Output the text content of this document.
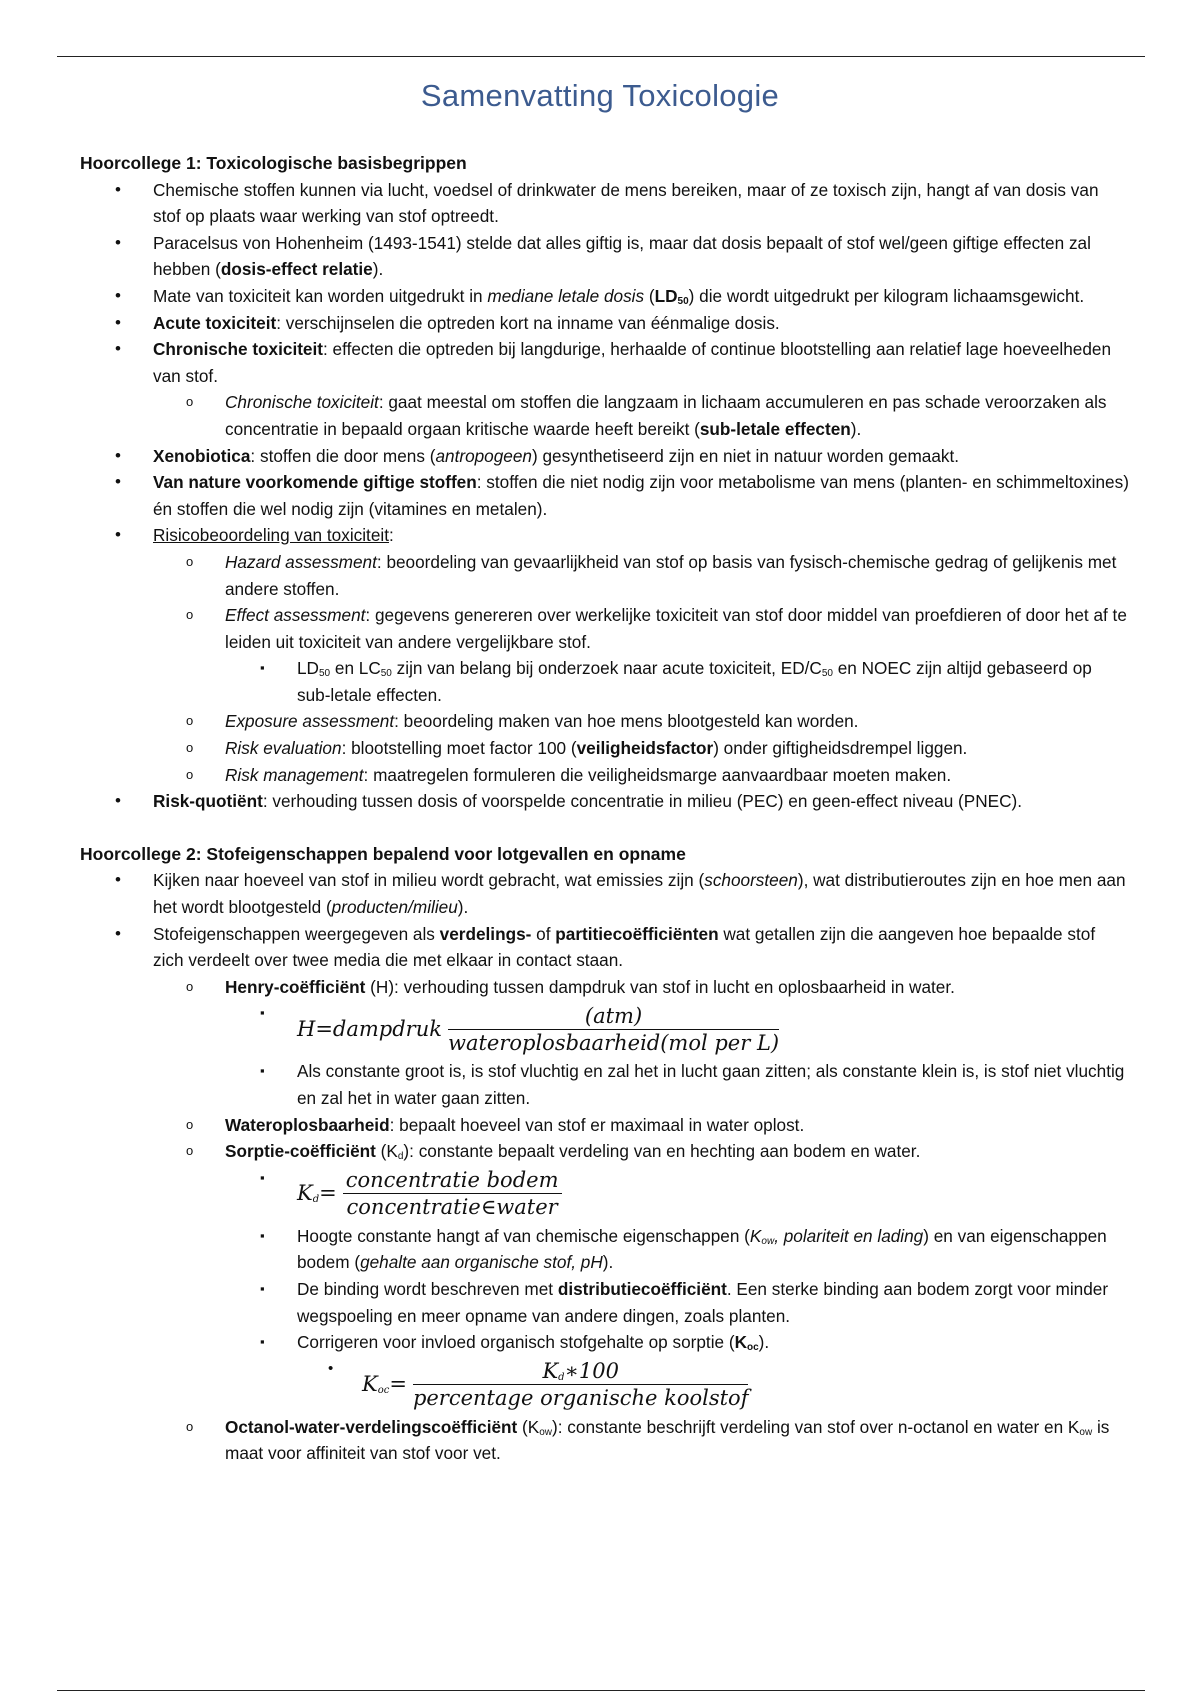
Samenvatting Toxicologie
Hoorcollege 1: Toxicologische basisbegrippen
• Chemische stoffen kunnen via lucht, voedsel of drinkwater de mens bereiken, maar of ze toxisch zijn, hangt af van dosis van stof op plaats waar werking van stof optreedt.
• Paracelsus von Hohenheim (1493-1541) stelde dat alles giftig is, maar dat dosis bepaalt of stof wel/geen giftige effecten zal hebben (dosis-effect relatie).
• Mate van toxiciteit kan worden uitgedrukt in mediane letale dosis $(LD_{50})$ die wordt uitgedrukt per kilogram lichaamsgewicht.
• Acute toxiciteit: verschijnselen die optreden kort na inname van éénmalige dosis.
• Chronische toxiciteit: effecten die optreden bij langdurige, herhaalde of continue blootstelling aan relatief lage hoeveelheden van stof.
o Chronische toxiciteit: gaat meestal om stoffen die langzaam in lichaam accumuleren en pas schade veroorzaken als concentratie in bepaald orgaan kritische waarde heeft bereikt (sub-letale effecten).
• Xenobiotica: stoffen die door mens (antropogeen) gesynthetiseerd zijn en niet in natuur worden gemaakt.
• Van nature voorkomende giftige stoffen: stoffen die niet nodig zijn voor metabolisme van mens (planten- en schimmeltoxines) én stoffen die wel nodig zijn (vitamines en metalen).
• Risicobeoordeling van toxiciteit:
o Hazard assessment: beoordeling van gevaarlijkheid van stof op basis van fysisch-chemische gedrag of gelijkenis met andere stoffen.
o Effect assessment: gegevens genereren over werkelijke toxiciteit van stof door middel van proefdieren of door het af te leiden uit toxiciteit van andere vergelijkbare stof.
▪ $LD_{50}$ en $LC_{50}$ zijn van belang bij onderzoek naar acute toxiciteit, $ED/C_{50}$ en NOEC zijn altijd gebaseerd op sub-letale effecten.
o Exposure assessment: beoordeling maken van hoe mens blootgesteld kan worden.
o Risk evaluation: blootstelling moet factor 100 (veiligheidsfactor) onder giftigheidsdrempel liggen.
o Risk management: maatregelen formuleren die veiligheidsmarge aanvaardbaar moeten maken.
• Risk-quotiënt: verhouding tussen dosis of voorspelde concentratie in milieu (PEC) en geen-effect niveau (PNEC).
Hoorcollege 2: Stofeigenschappen bepalend voor lotgevallen en opname
• Kijken naar hoeveel van stof in milieu wordt gebracht, wat emissies zijn (schoorsteen), wat distributieroutes zijn en hoe men aan het wordt blootgesteld (producten/milieu).
• Stofeigenschappen weergegeven als verdelings- of partitiecoëfficiënten wat getallen zijn die aangeven hoe bepaalde stof zich verdeelt over twee media die met elkaar in contact staan.
o Henry-coëfficiënt (H): verhouding tussen dampdruk van stof in lucht en oplosbaarheid in water.
▪ H=dampdruk $\frac{\text{(atm)}}{\text{wateroplosbaarheid(mol per L)}}$
▪ Als constante groot is, is stof vluchtig en zal het in lucht gaan zitten; als constante klein is, is stof niet vluchtig en zal het in water gaan zitten.
o Wateroplosbaarheid: bepaalt hoeveel van stof er maximaal in water oplost.
o Sorptie-coëfficiënt $(K_d)$: constante bepaalt verdeling van en hechting aan bodem en water.
▪ $K_d= \frac{\text{concentratie bodem}}{\text{concentratie∈water}}$
▪ Hoogte constante hangt af van chemische eigenschappen ($K_{ow}$, polariteit en lading) en van eigenschappen bodem (gehalte aan organische stof, pH).
▪ De binding wordt beschreven met distributiecoëfficiënt. Een sterke binding aan bodem zorgt voor minder wegspoeling en meer opname van andere dingen, zoals planten.
▪ Corrigeren voor invloed organisch stofgehalte op sorptie $(K_{oc})$.
• $K_{oc}= \frac{K_d∗100}{\text{percentage organische koolstof}}$
o Octanol-water-verdelingscoëfficiënt $(K_{ow})$: constante beschrijft verdeling van stof over n-octanol en water en $K_{ow}$ is maat voor affiniteit van stof voor vet.
